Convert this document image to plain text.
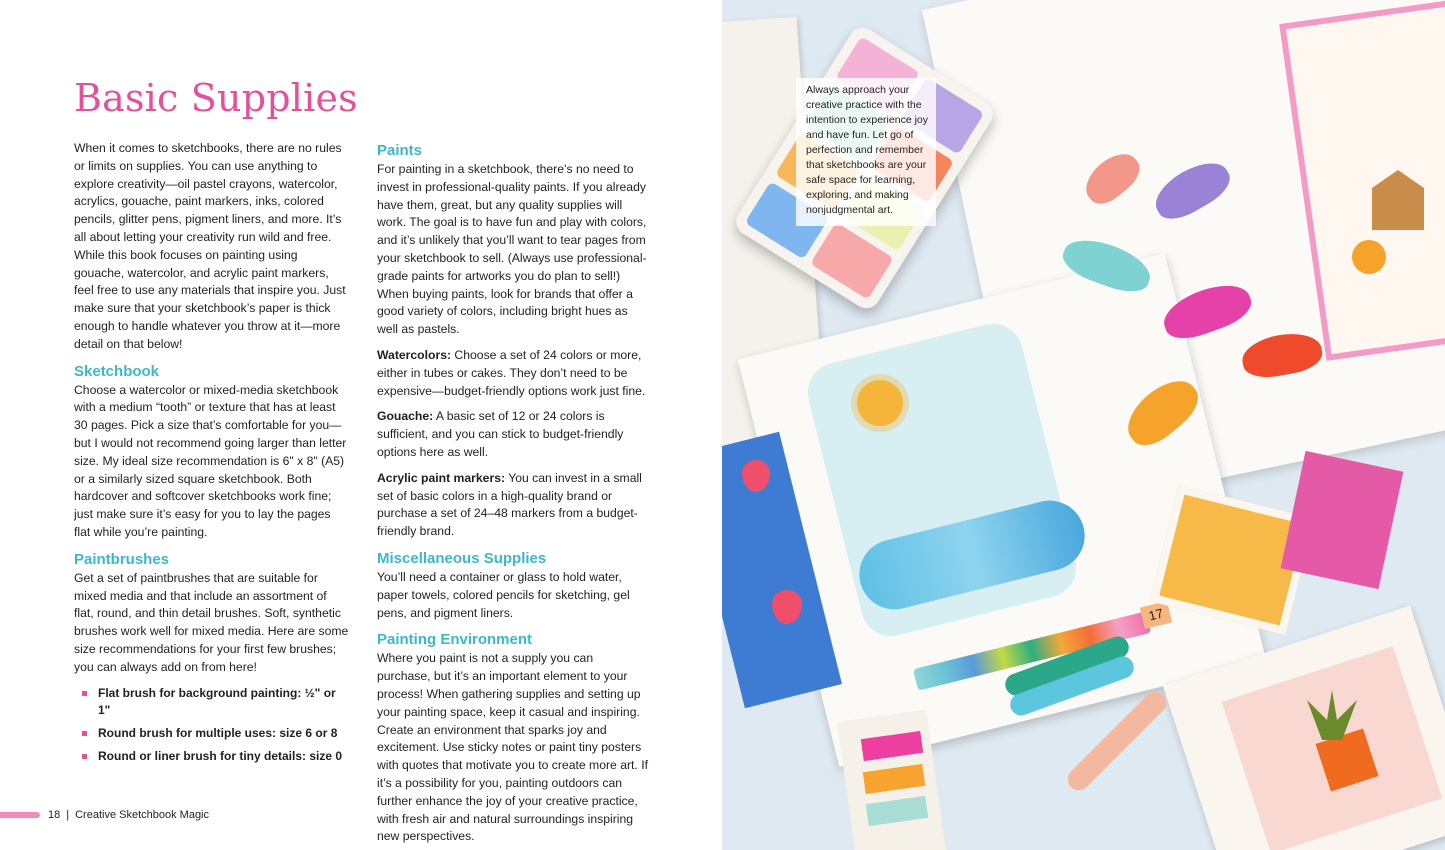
Basic Supplies

When it comes to sketchbooks, there are no rules or limits on supplies. You can use anything to explore creativity—oil pastel crayons, watercolor, acrylics, gouache, paint markers, inks, colored pencils, glitter pens, pigment liners, and more. It’s all about letting your creativity run wild and free. While this book focuses on painting using gouache, watercolor, and acrylic paint markers, feel free to use any materials that inspire you. Just make sure that your sketchbook’s paper is thick enough to handle whatever you throw at it—more detail on that below!

Sketchbook

Choose a watercolor or mixed-media sketchbook with a medium “tooth” or texture that has at least 30 pages. Pick a size that’s comfortable for you—but I would not recommend going larger than letter size. My ideal size recommendation is 6" x 8" (A5) or a similarly sized square sketchbook. Both hardcover and softcover sketchbooks work fine; just make sure it’s easy for you to lay the pages flat while you’re painting.

Paintbrushes

Get a set of paintbrushes that are suitable for mixed media and that include an assortment of flat, round, and thin detail brushes. Soft, synthetic brushes work well for mixed media. Here are some size recommendations for your first few brushes; you can always add on from here!

Flat brush for background painting: ½" or 1"
Round brush for multiple uses: size 6 or 8
Round or liner brush for tiny details: size 0
Paints

For painting in a sketchbook, there’s no need to invest in professional-quality paints. If you already have them, great, but any quality supplies will work. The goal is to have fun and play with colors, and it’s unlikely that you’ll want to tear pages from your sketchbook to sell. (Always use professional-grade paints for artworks you do plan to sell!) When buying paints, look for brands that offer a good variety of colors, including bright hues as well as pastels.

Watercolors: Choose a set of 24 colors or more, either in tubes or cakes. They don’t need to be expensive—budget-friendly options work just fine.

Gouache: A basic set of 12 or 24 colors is sufficient, and you can stick to budget-friendly options here as well.

Acrylic paint markers: You can invest in a small set of basic colors in a high-quality brand or purchase a set of 24–48 markers from a budget-friendly brand.

Miscellaneous Supplies

You’ll need a container or glass to hold water, paper towels, colored pencils for sketching, gel pens, and pigment liners.

Painting Environment

Where you paint is not a supply you can purchase, but it’s an important element to your process! When gathering supplies and setting up your painting space, keep it casual and inspiring. Create an environment that sparks joy and excitement. Use sticky notes or paint tiny posters with quotes that motivate you to create more art. If it’s a possibility for you, painting outdoors can further enhance the joy of your creative practice, with fresh air and natural surroundings inspiring new perspectives.

18 | Creative Sketchbook Magic
17
Always approach your creative practice with the intention to experience joy and have fun. Let go of perfection and remember that sketchbooks are your safe space for learning, exploring, and making nonjudgmental art.
